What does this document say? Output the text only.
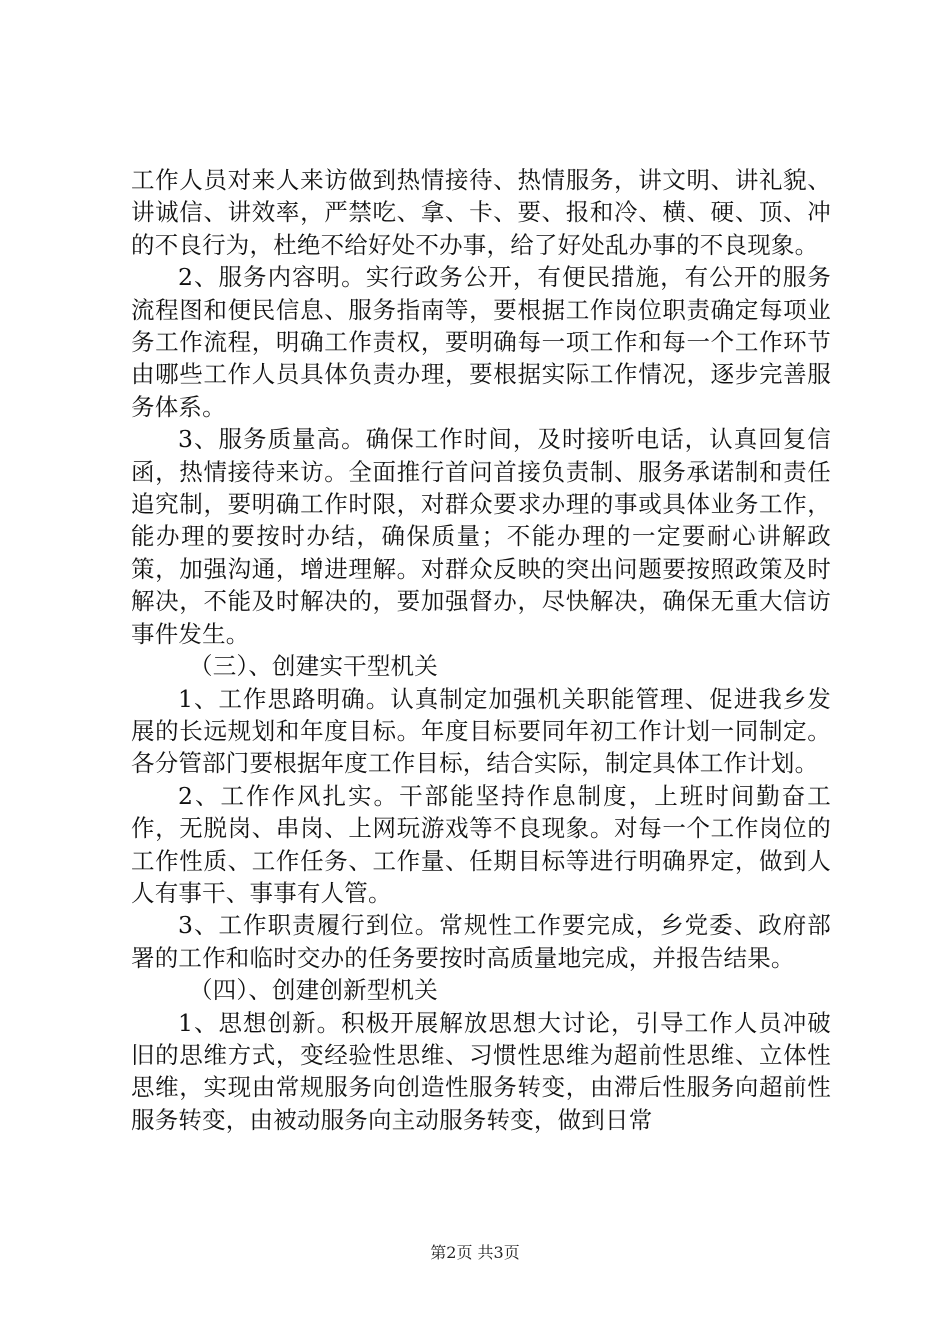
工作人员对来人来访做到热情接待、热情服务，讲文明、讲礼貌、讲诚信、讲效率，严禁吃、拿、卡、要、报和冷、横、硬、顶、冲的不良行为，杜绝不给好处不办事，给了好处乱办事的不良现象。

2、服务内容明。实行政务公开，有便民措施，有公开的服务流程图和便民信息、服务指南等，要根据工作岗位职责确定每项业务工作流程，明确工作责权，要明确每一项工作和每一个工作环节由哪些工作人员具体负责办理，要根据实际工作情况，逐步完善服务体系。

3、服务质量高。确保工作时间，及时接听电话，认真回复信函，热情接待来访。全面推行首问首接负责制、服务承诺制和责任追究制，要明确工作时限，对群众要求办理的事或具体业务工作，能办理的要按时办结，确保质量；不能办理的一定要耐心讲解政策，加强沟通，增进理解。对群众反映的突出问题要按照政策及时解决，不能及时解决的，要加强督办，尽快解决，确保无重大信访事件发生。

（三）、创建实干型机关

1、工作思路明确。认真制定加强机关职能管理、促进我乡发展的长远规划和年度目标。年度目标要同年初工作计划一同制定。各分管部门要根据年度工作目标，结合实际，制定具体工作计划。

2、工作作风扎实。干部能坚持作息制度，上班时间勤奋工作，无脱岗、串岗、上网玩游戏等不良现象。对每一个工作岗位的工作性质、工作任务、工作量、任期目标等进行明确界定，做到人人有事干、事事有人管。

3、工作职责履行到位。常规性工作要完成，乡党委、政府部署的工作和临时交办的任务要按时高质量地完成，并报告结果。

（四）、创建创新型机关

1、思想创新。积极开展解放思想大讨论，引导工作人员冲破旧的思维方式，变经验性思维、习惯性思维为超前性思维、立体性思维，实现由常规服务向创造性服务转变，由滞后性服务向超前性服务转变，由被动服务向主动服务转变，做到日常

第2页 共3页
